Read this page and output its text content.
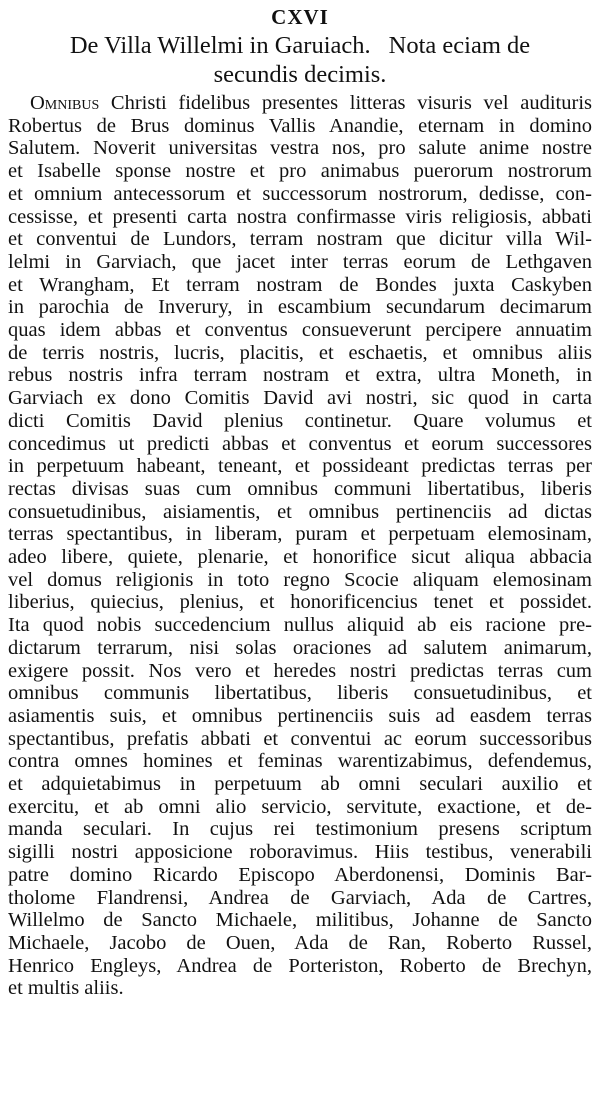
CXVI
De Villa Willelmi in Garuiach. Nota eciam de
secundis decimis.
Omnibus Christi fidelibus presentes litteras visuris vel audituris
Robertus de Brus dominus Vallis Anandie, eternam in domino
Salutem. Noverit universitas vestra nos, pro salute anime nostre
et Isabelle sponse nostre et pro animabus puerorum nostrorum
et omnium antecessorum et successorum nostrorum, dedisse, con-
cessisse, et presenti carta nostra confirmasse viris religiosis, abbati
et conventui de Lundors, terram nostram que dicitur villa Wil-
lelmi in Garviach, que jacet inter terras eorum de Lethgaven
et Wrangham, Et terram nostram de Bondes juxta Caskyben
in parochia de Inverury, in escambium secundarum decimarum
quas idem abbas et conventus consueverunt percipere annuatim
de terris nostris, lucris, placitis, et eschaetis, et omnibus aliis
rebus nostris infra terram nostram et extra, ultra Moneth, in
Garviach ex dono Comitis David avi nostri, sic quod in carta
dicti Comitis David plenius continetur. Quare volumus et
concedimus ut predicti abbas et conventus et eorum successores
in perpetuum habeant, teneant, et possideant predictas terras per
rectas divisas suas cum omnibus communi libertatibus, liberis
consuetudinibus, aisiamentis, et omnibus pertinenciis ad dictas
terras spectantibus, in liberam, puram et perpetuam elemosinam,
adeo libere, quiete, plenarie, et honorifice sicut aliqua abbacia
vel domus religionis in toto regno Scocie aliquam elemosinam
liberius, quiecius, plenius, et honorificencius tenet et possidet.
Ita quod nobis succedencium nullus aliquid ab eis racione pre-
dictarum terrarum, nisi solas oraciones ad salutem animarum,
exigere possit. Nos vero et heredes nostri predictas terras cum
omnibus communis libertatibus, liberis consuetudinibus, et
asiamentis suis, et omnibus pertinenciis suis ad easdem terras
spectantibus, prefatis abbati et conventui ac eorum successoribus
contra omnes homines et feminas warentizabimus, defendemus,
et adquietabimus in perpetuum ab omni seculari auxilio et
exercitu, et ab omni alio servicio, servitute, exactione, et de-
manda seculari. In cujus rei testimonium presens scriptum
sigilli nostri apposicione roboravimus. Hiis testibus, venerabili
patre domino Ricardo Episcopo Aberdonensi, Dominis Bar-
tholome Flandrensi, Andrea de Garviach, Ada de Cartres,
Willelmo de Sancto Michaele, militibus, Johanne de Sancto
Michaele, Jacobo de Ouen, Ada de Ran, Roberto Russel,
Henrico Engleys, Andrea de Porteriston, Roberto de Brechyn,
et multis aliis.
